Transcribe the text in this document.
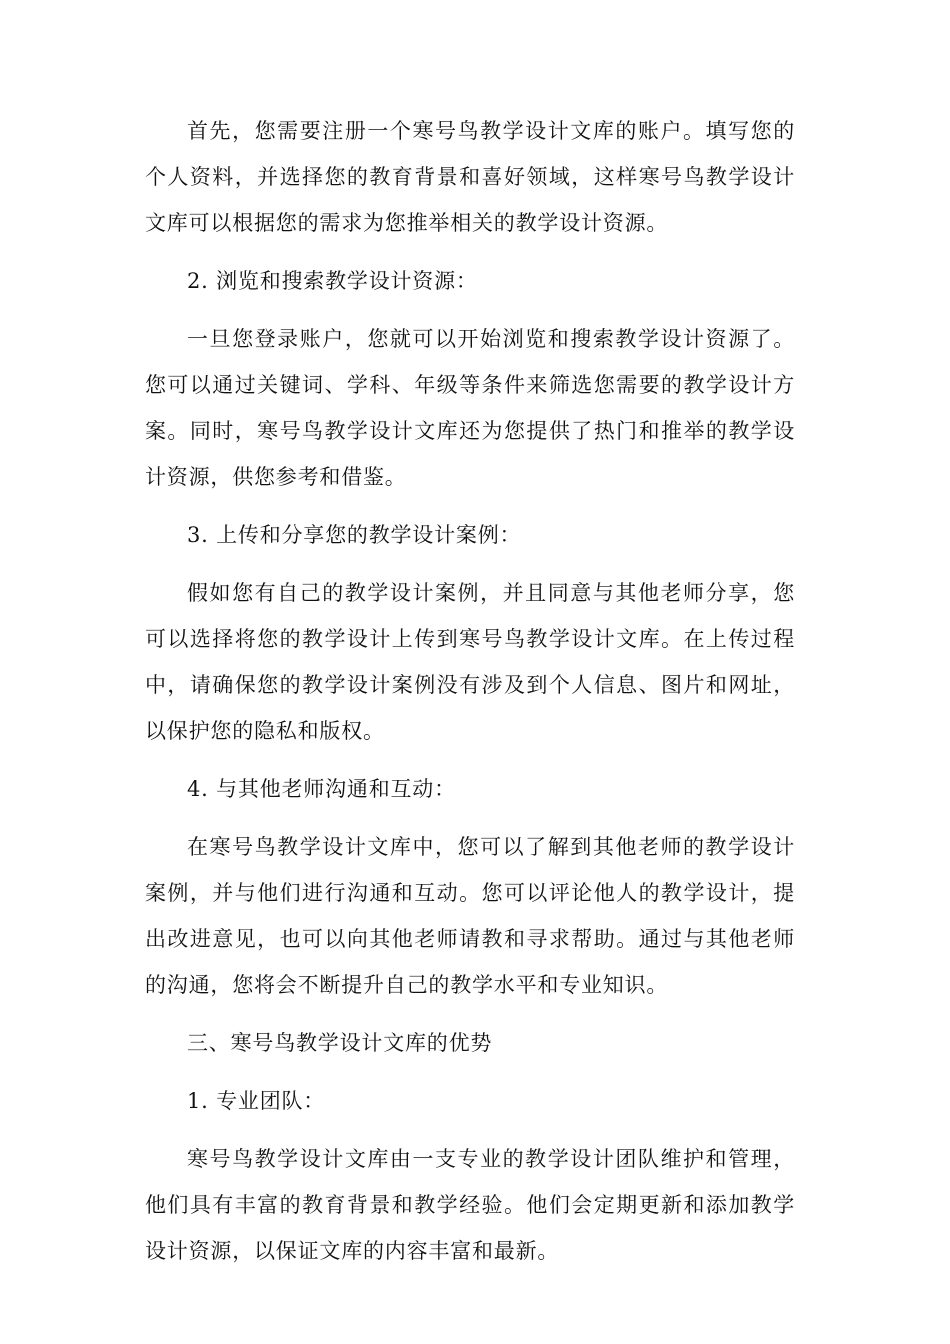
首先，您需要注册一个寒号鸟教学设计文库的账户。填写您的个人资料，并选择您的教育背景和喜好领域，这样寒号鸟教学设计文库可以根据您的需求为您推举相关的教学设计资源。

2. 浏览和搜索教学设计资源：

一旦您登录账户，您就可以开始浏览和搜索教学设计资源了。您可以通过关键词、学科、年级等条件来筛选您需要的教学设计方案。同时，寒号鸟教学设计文库还为您提供了热门和推举的教学设计资源，供您参考和借鉴。

3. 上传和分享您的教学设计案例：

假如您有自己的教学设计案例，并且同意与其他老师分享，您可以选择将您的教学设计上传到寒号鸟教学设计文库。在上传过程中，请确保您的教学设计案例没有涉及到个人信息、图片和网址，以保护您的隐私和版权。

4. 与其他老师沟通和互动：

在寒号鸟教学设计文库中，您可以了解到其他老师的教学设计案例，并与他们进行沟通和互动。您可以评论他人的教学设计，提出改进意见，也可以向其他老师请教和寻求帮助。通过与其他老师的沟通，您将会不断提升自己的教学水平和专业知识。

三、寒号鸟教学设计文库的优势

1. 专业团队：

寒号鸟教学设计文库由一支专业的教学设计团队维护和管理，他们具有丰富的教育背景和教学经验。他们会定期更新和添加教学设计资源，以保证文库的内容丰富和最新。
